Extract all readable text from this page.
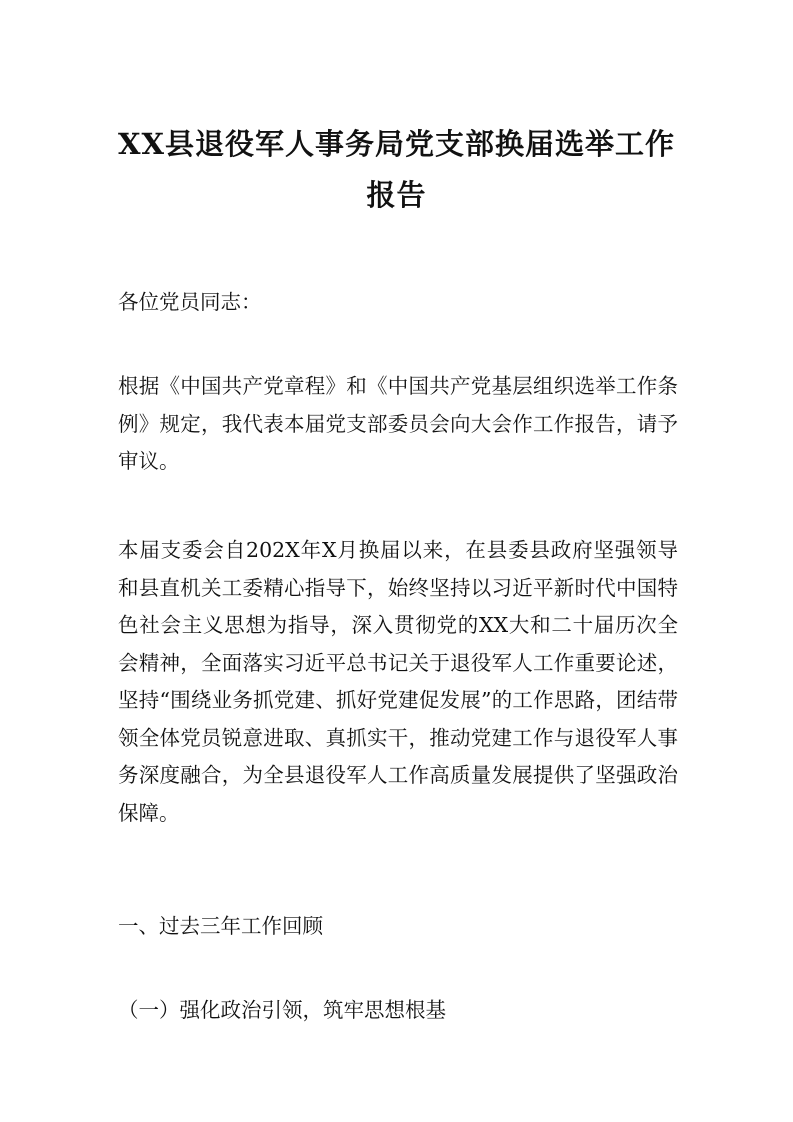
XX县退役军人事务局党支部换届选举工作
报告

各位党员同志：

根据《中国共产党章程》和《中国共产党基层组织选举工作条例》规定，我代表本届党支部委员会向大会作工作报告，请予审议。

本届支委会自202X年X月换届以来，在县委县政府坚强领导和县直机关工委精心指导下，始终坚持以习近平新时代中国特色社会主义思想为指导，深入贯彻党的XX大和二十届历次全会精神，全面落实习近平总书记关于退役军人工作重要论述，坚持“围绕业务抓党建、抓好党建促发展”的工作思路，团结带领全体党员锐意进取、真抓实干，推动党建工作与退役军人事务深度融合，为全县退役军人工作高质量发展提供了坚强政治保障。

一、过去三年工作回顾

（一）强化政治引领，筑牢思想根基
